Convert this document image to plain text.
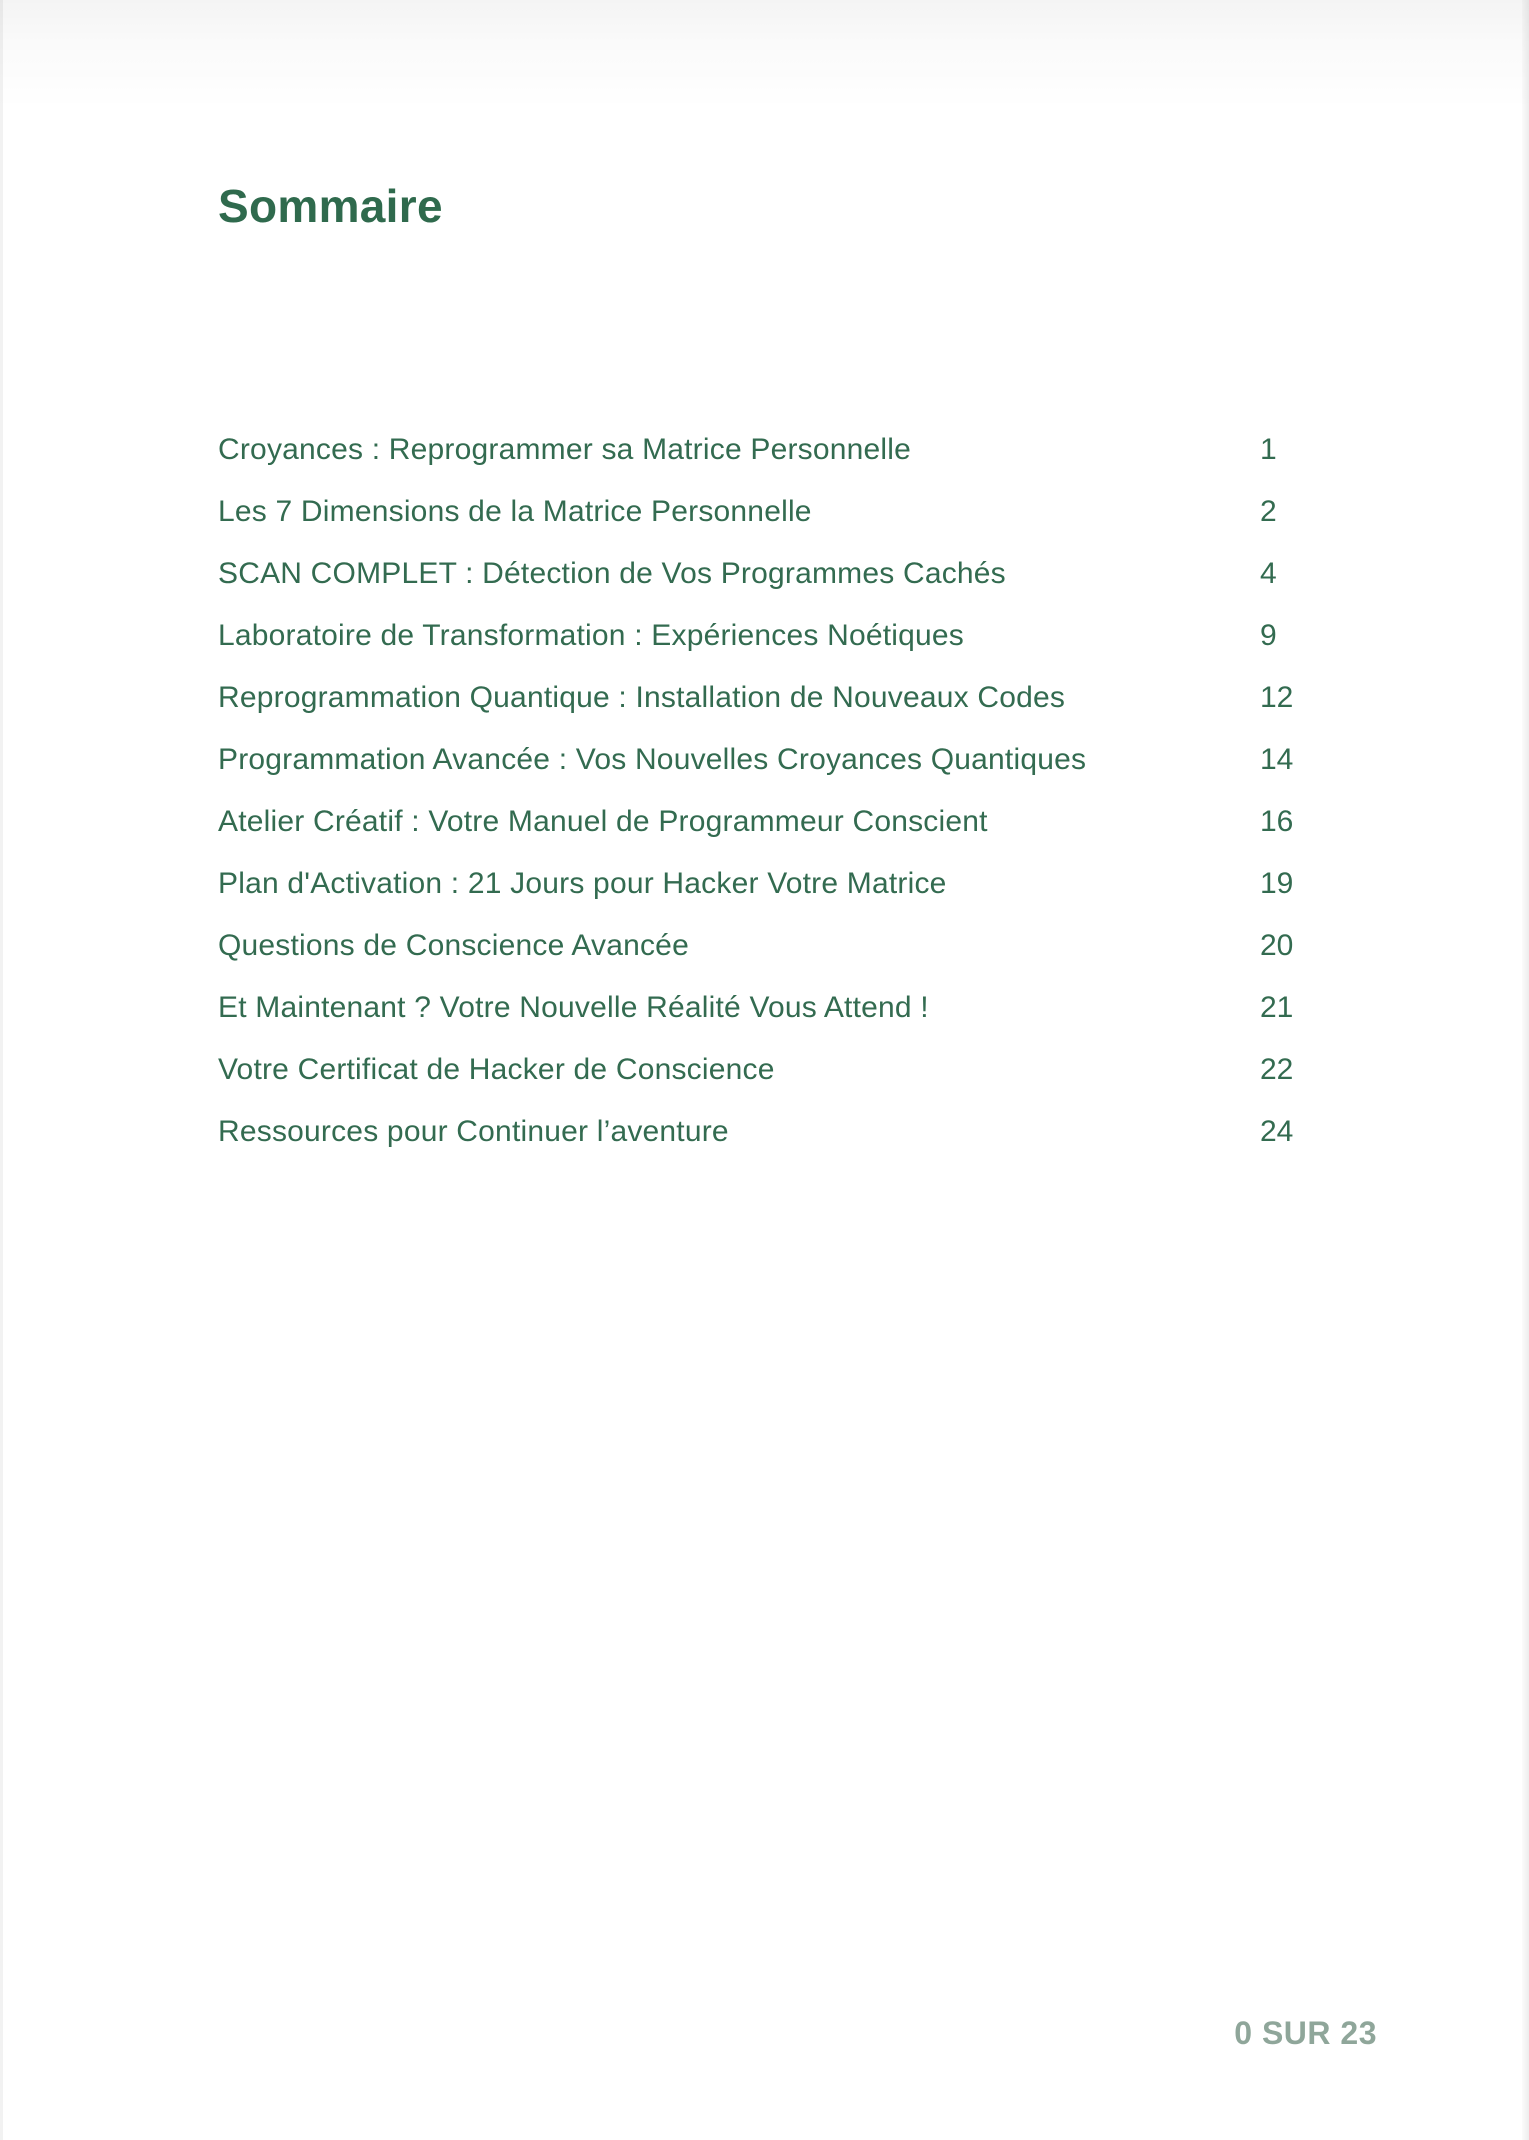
Sommaire
Croyances : Reprogrammer sa Matrice Personnelle	1
Les 7 Dimensions de la Matrice Personnelle	2
SCAN COMPLET : Détection de Vos Programmes Cachés	4
Laboratoire de Transformation : Expériences Noétiques	9
Reprogrammation Quantique : Installation de Nouveaux Codes	12
Programmation Avancée : Vos Nouvelles Croyances Quantiques	14
Atelier Créatif : Votre Manuel de Programmeur Conscient	16
Plan d'Activation : 21 Jours pour Hacker Votre Matrice	19
Questions de Conscience Avancée	20
Et Maintenant ? Votre Nouvelle Réalité Vous Attend !	21
Votre Certificat de Hacker de Conscience	22
Ressources pour Continuer l’aventure	24
0 SUR 23
